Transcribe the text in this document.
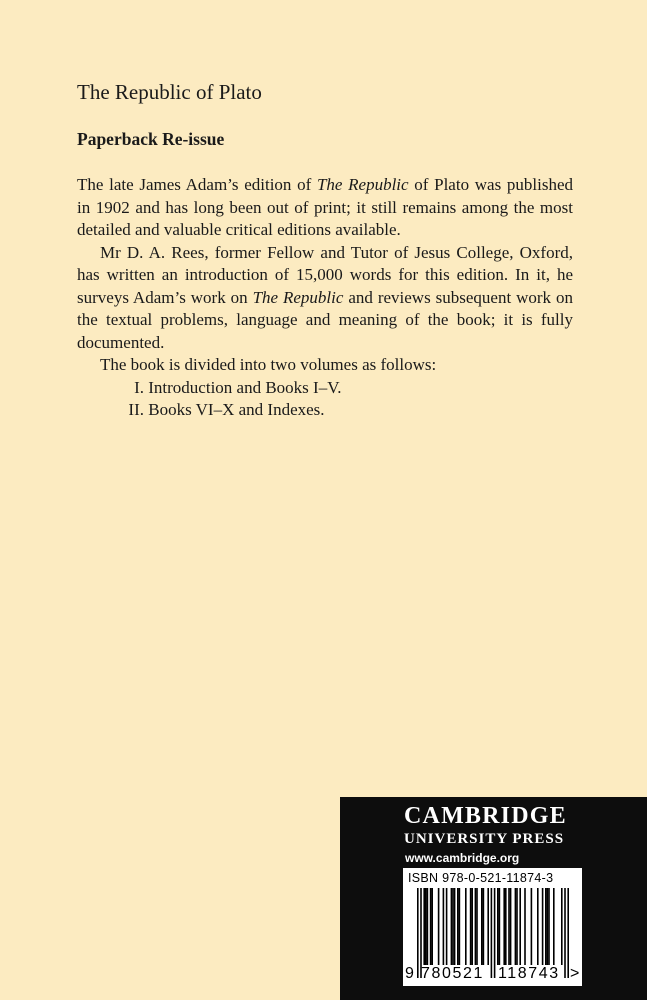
The Republic of Plato
Paperback Re-issue

The late James Adam’s edition of The Republic of Plato was published in 1902 and has long been out of print; it still remains among the most detailed and valuable critical editions available.

Mr D. A. Rees, former Fellow and Tutor of Jesus College, Oxford, has written an introduction of 15,000 words for this edition. In it, he surveys Adam’s work on The Republic and reviews subsequent work on the textual problems, language and meaning of the book; it is fully documented.

The book is divided into two volumes as follows:

I. Introduction and Books I–V.
II. Books VI–X and Indexes.
CAMBRIDGE
UNIVERSITY PRESS
www.cambridge.org
ISBN 978-0-521-11874-3
9 780521 118743 >
